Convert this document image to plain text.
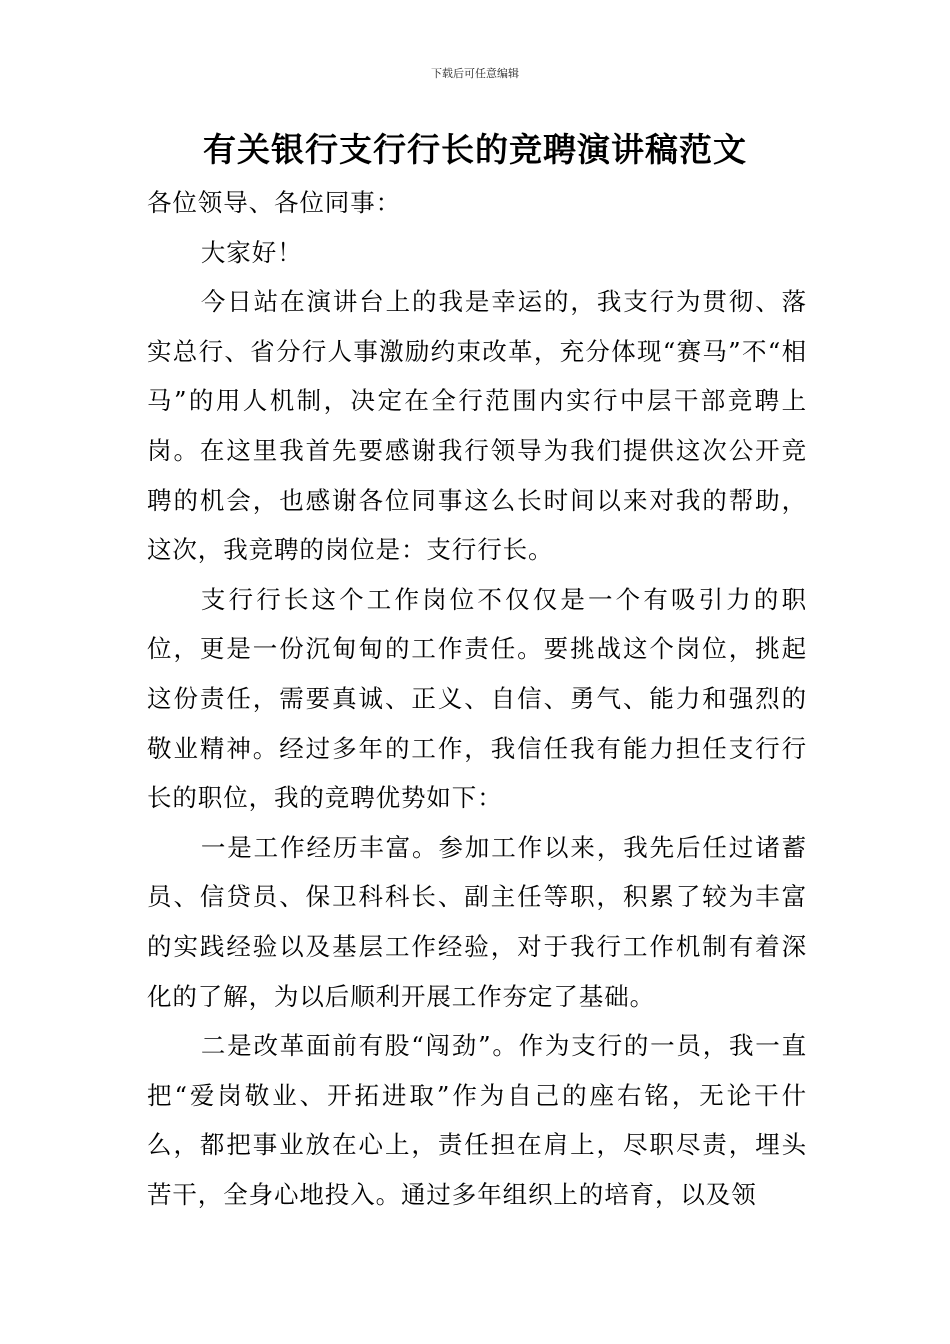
下载后可任意编辑
有关银行支行行长的竞聘演讲稿范文

各位领导、各位同事：

大家好！

今日站在演讲台上的我是幸运的，我支行为贯彻、落实总行、省分行人事激励约束改革，充分体现“赛马”不“相马”的用人机制，决定在全行范围内实行中层干部竞聘上岗。在这里我首先要感谢我行领导为我们提供这次公开竞聘的机会，也感谢各位同事这么长时间以来对我的帮助，这次，我竞聘的岗位是：支行行长。

支行行长这个工作岗位不仅仅是一个有吸引力的职位，更是一份沉甸甸的工作责任。要挑战这个岗位，挑起这份责任，需要真诚、正义、自信、勇气、能力和强烈的敬业精神。经过多年的工作，我信任我有能力担任支行行长的职位，我的竞聘优势如下：

一是工作经历丰富。参加工作以来，我先后任过诸蓄员、信贷员、保卫科科长、副主任等职，积累了较为丰富的实践经验以及基层工作经验，对于我行工作机制有着深化的了解，为以后顺利开展工作夯定了基础。

二是改革面前有股“闯劲”。作为支行的一员，我一直把“爱岗敬业、开拓进取”作为自己的座右铭，无论干什么，都把事业放在心上，责任担在肩上，尽职尽责，埋头苦干，全身心地投入。通过多年组织上的培育，以及领
